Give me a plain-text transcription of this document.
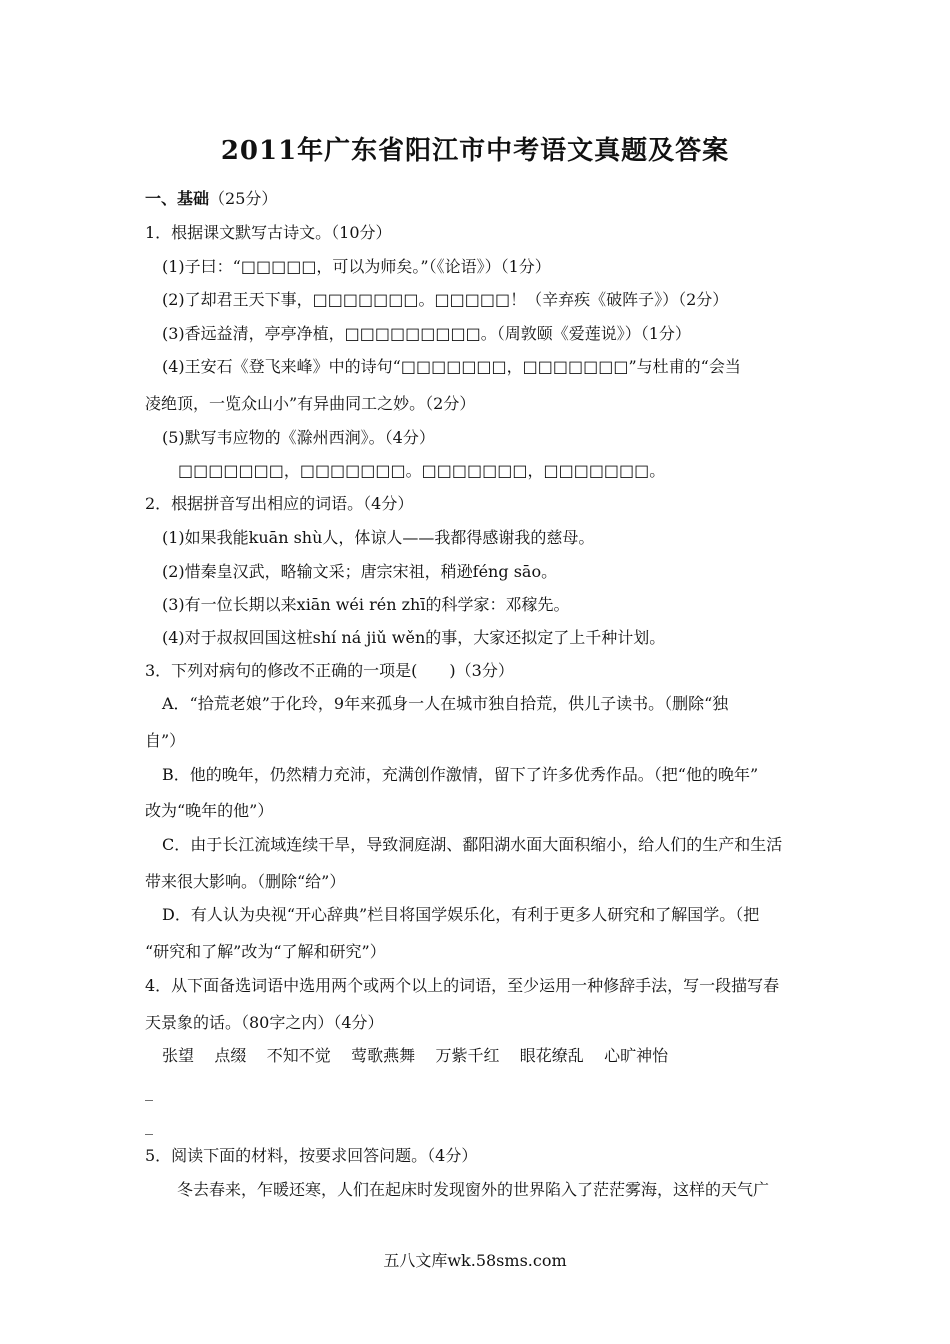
2011年广东省阳江市中考语文真题及答案
一、基础（25分）
1．根据课文默写古诗文。（10分）
(1)子曰：“□□□□□，可以为师矣。”（《论语》）（1分）
(2)了却君王天下事，□□□□□□□。□□□□□！（辛弃疾《破阵子》）（2分）
(3)香远益清，亭亭净植，□□□□□□□□□。（周敦颐《爱莲说》）（1分）
(4)王安石《登飞来峰》中的诗句“□□□□□□□，□□□□□□□”与杜甫的“会当
凌绝顶，一览众山小”有异曲同工之妙。（2分）
(5)默写韦应物的《滁州西涧》。（4分）
□□□□□□□，□□□□□□□。□□□□□□□，□□□□□□□。
2．根据拼音写出相应的词语。（4分）
(1)如果我能kuān shù人，体谅人——我都得感谢我的慈母。
(2)惜秦皇汉武，略输文采；唐宗宋祖，稍逊féng sāo。
(3)有一位长期以来xiān wéi rén zhī的科学家：邓稼先。
(4)对于叔叔回国这桩shí ná jiǔ wěn的事，大家还拟定了上千种计划。
3．下列对病句的修改不正确的一项是(　　)（3分）
A．“拾荒老娘”于化玲，9年来孤身一人在城市独自拾荒，供儿子读书。（删除“独
自”）
B．他的晚年，仍然精力充沛，充满创作激情，留下了许多优秀作品。（把“他的晚年”
改为“晚年的他”）
C．由于长江流域连续干旱，导致洞庭湖、鄱阳湖水面大面积缩小，给人们的生产和生活
带来很大影响。（删除“给”）
D．有人认为央视“开心辞典”栏目将国学娱乐化，有利于更多人研究和了解国学。（把
“研究和了解”改为“了解和研究”）
4．从下面备选词语中选用两个或两个以上的词语，至少运用一种修辞手法，写一段描写春
天景象的话。（80字之内）（4分）
张望 点缀 不知不觉 莺歌燕舞 万紫千红 眼花缭乱 心旷神怡
_
_
5．阅读下面的材料，按要求回答问题。（4分）
冬去春来，乍暖还寒，人们在起床时发现窗外的世界陷入了茫茫雾海，这样的天气广
五八文库wk.58sms.com
